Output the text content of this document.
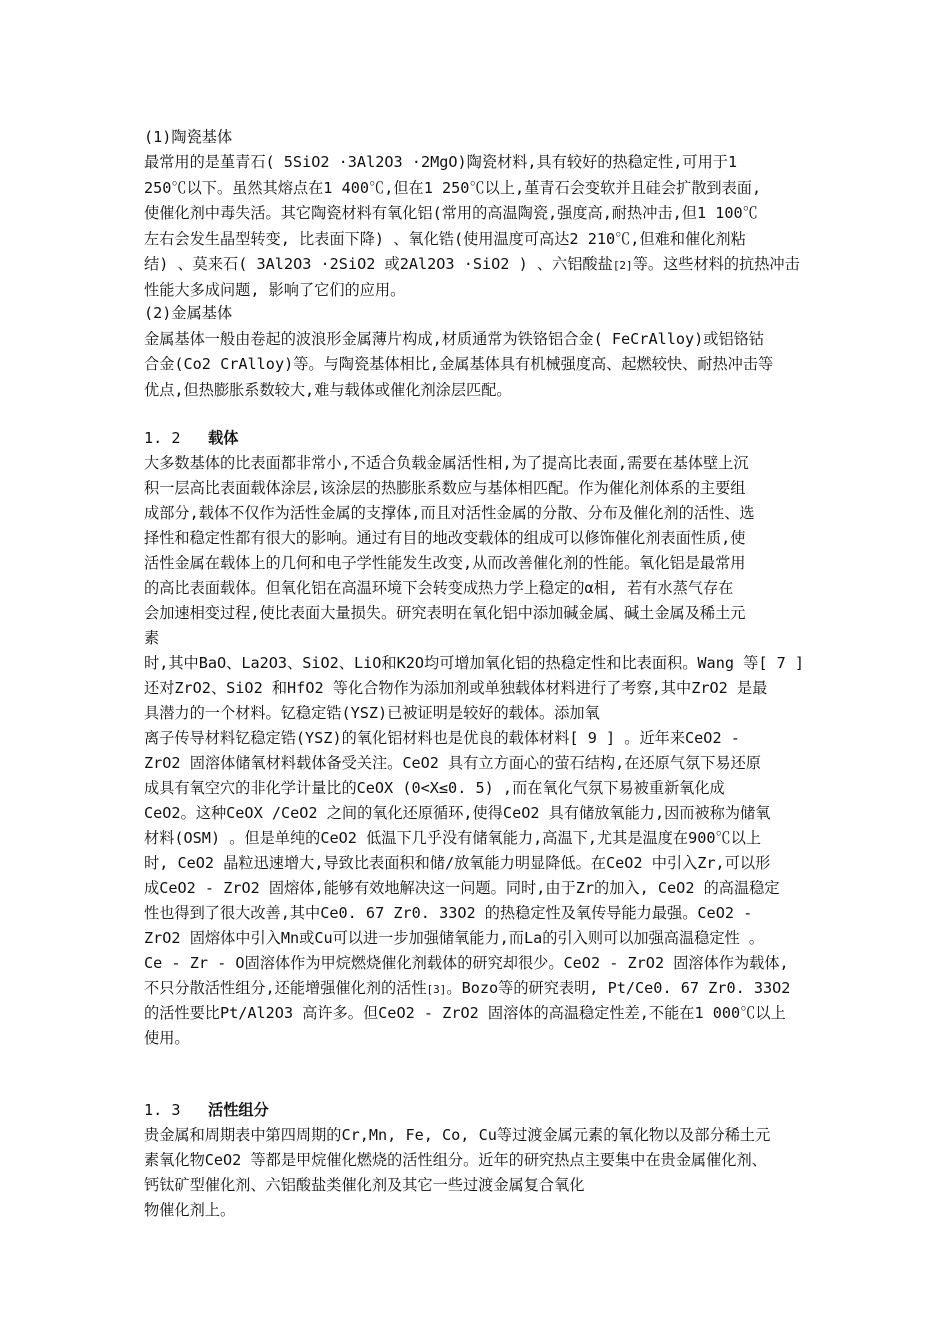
(1)陶瓷基体
最常用的是堇青石( 5SiO2 ·3Al2O3 ·2MgO)陶瓷材料,具有较好的热稳定性,可用于1
250℃以下。虽然其熔点在1 400℃,但在1 250℃以上,堇青石会变软并且硅会扩散到表面,
使催化剂中毒失活。其它陶瓷材料有氧化铝(常用的高温陶瓷,强度高,耐热冲击,但1 100℃
左右会发生晶型转变, 比表面下降) 、氧化锆(使用温度可高达2 210℃,但难和催化剂粘
结) 、莫来石( 3Al2O3 ·2SiO2 或2Al2O3 ·SiO2 ) 、六铝酸盐[2]等。这些材料的抗热冲击
性能大多成问题, 影响了它们的应用。
(2)金属基体
金属基体一般由卷起的波浪形金属薄片构成,材质通常为铁铬铝合金( FeCrAlloy)或铝铬钴
合金(Co2 CrAlloy)等。与陶瓷基体相比,金属基体具有机械强度高、起燃较快、耐热冲击等
优点,但热膨胀系数较大,难与载体或催化剂涂层匹配。
1. 2 载体
大多数基体的比表面都非常小,不适合负载金属活性相,为了提高比表面,需要在基体壁上沉
积一层高比表面载体涂层,该涂层的热膨胀系数应与基体相匹配。作为催化剂体系的主要组
成部分,载体不仅作为活性金属的支撑体,而且对活性金属的分散、分布及催化剂的活性、选
择性和稳定性都有很大的影响。通过有目的地改变载体的组成可以修饰催化剂表面性质,使
活性金属在载体上的几何和电子学性能发生改变,从而改善催化剂的性能。氧化铝是最常用
的高比表面载体。但氧化铝在高温环境下会转变成热力学上稳定的α相, 若有水蒸气存在
会加速相变过程,使比表面大量损失。研究表明在氧化铝中添加碱金属、碱土金属及稀土元
素
时,其中BaO、La2O3、SiO2、LiO和K2O均可增加氧化铝的热稳定性和比表面积。Wang 等[ 7 ]
还对ZrO2、SiO2 和HfO2 等化合物作为添加剂或单独载体材料进行了考察,其中ZrO2 是最
具潜力的一个材料。钇稳定锆(YSZ)已被证明是较好的载体。添加氧
离子传导材料钇稳定锆(YSZ)的氧化铝材料也是优良的载体材料[ 9 ] 。近年来CeO2 -
ZrO2 固溶体储氧材料载体备受关注。CeO2 具有立方面心的萤石结构,在还原气氛下易还原
成具有氧空穴的非化学计量比的CeOX (0<X≤0. 5) ,而在氧化气氛下易被重新氧化成
CeO2。这种CeOX /CeO2 之间的氧化还原循环,使得CeO2 具有储放氧能力,因而被称为储氧
材料(OSM) 。但是单纯的CeO2 低温下几乎没有储氧能力,高温下,尤其是温度在900℃以上
时, CeO2 晶粒迅速增大,导致比表面积和储/放氧能力明显降低。在CeO2 中引入Zr,可以形
成CeO2 - ZrO2 固熔体,能够有效地解决这一问题。同时,由于Zr的加入, CeO2 的高温稳定
性也得到了很大改善,其中Ce0. 67 Zr0. 33O2 的热稳定性及氧传导能力最强。CeO2 -
ZrO2 固熔体中引入Mn或Cu可以进一步加强储氧能力,而La的引入则可以加强高温稳定性 。
Ce - Zr - O固溶体作为甲烷燃烧催化剂载体的研究却很少。CeO2 - ZrO2 固溶体作为载体,
不只分散活性组分,还能增强催化剂的活性[3]。Bozo等的研究表明, Pt/Ce0. 67 Zr0. 33O2
的活性要比Pt/Al2O3 高许多。但CeO2 - ZrO2 固溶体的高温稳定性差,不能在1 000℃以上
使用。
1. 3 活性组分
贵金属和周期表中第四周期的Cr,Mn, Fe, Co, Cu等过渡金属元素的氧化物以及部分稀土元
素氧化物CeO2 等都是甲烷催化燃烧的活性组分。近年的研究热点主要集中在贵金属催化剂、
钙钛矿型催化剂、六铝酸盐类催化剂及其它一些过渡金属复合氧化
物催化剂上。
